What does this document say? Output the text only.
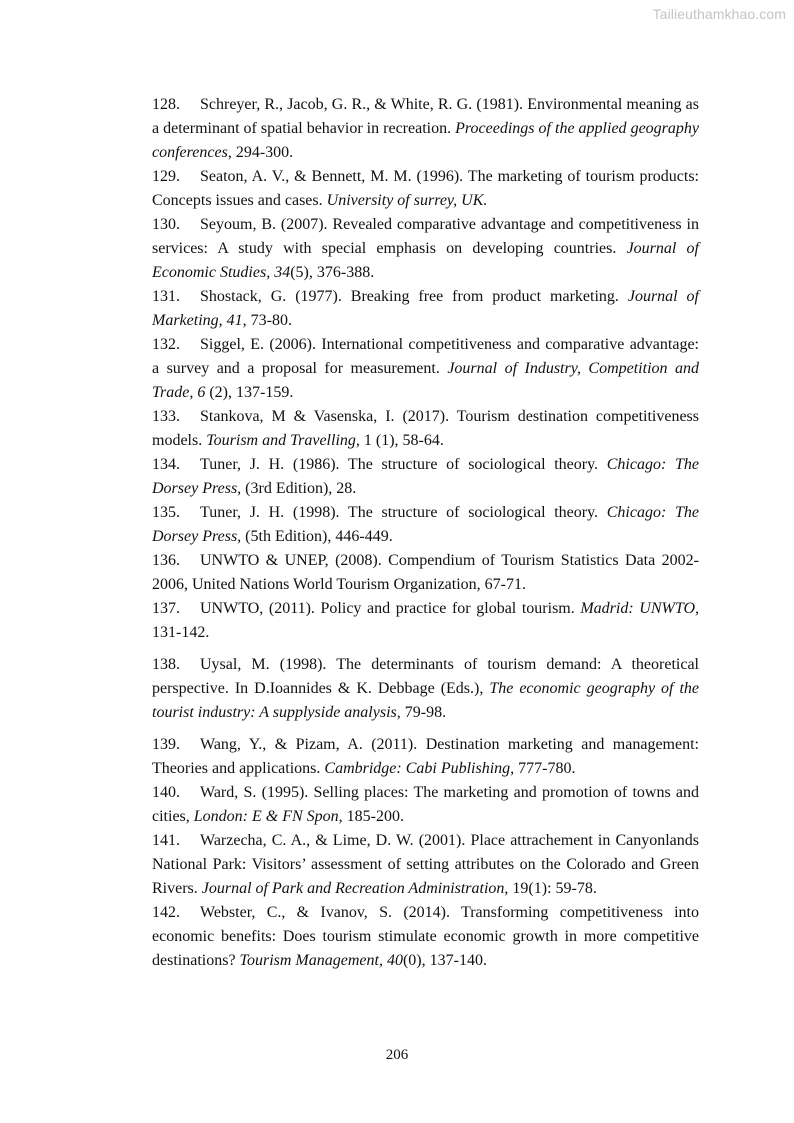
Tailieuthamkhao.com

128. Schreyer, R., Jacob, G. R., & White, R. G. (1981). Environmental meaning as a determinant of spatial behavior in recreation. Proceedings of the applied geography conferences, 294-300.

129. Seaton, A. V., & Bennett, M. M. (1996). The marketing of tourism products: Concepts issues and cases. University of surrey, UK.

130. Seyoum, B. (2007). Revealed comparative advantage and competitiveness in services: A study with special emphasis on developing countries. Journal of Economic Studies, 34(5), 376-388.

131. Shostack, G. (1977). Breaking free from product marketing. Journal of Marketing, 41, 73-80.

132. Siggel, E. (2006). International competitiveness and comparative advantage: a survey and a proposal for measurement. Journal of Industry, Competition and Trade, 6 (2), 137-159.

133. Stankova, M & Vasenska, I. (2017). Tourism destination competitiveness models. Tourism and Travelling, 1 (1), 58-64.

134. Tuner, J. H. (1986). The structure of sociological theory. Chicago: The Dorsey Press, (3rd Edition), 28.

135. Tuner, J. H. (1998). The structure of sociological theory. Chicago: The Dorsey Press, (5th Edition), 446-449.

136. UNWTO & UNEP, (2008). Compendium of Tourism Statistics Data 2002-2006, United Nations World Tourism Organization, 67-71.

137. UNWTO, (2011). Policy and practice for global tourism. Madrid: UNWTO, 131-142.

138. Uysal, M. (1998). The determinants of tourism demand: A theoretical perspective. In D.Ioannides & K. Debbage (Eds.), The economic geography of the tourist industry: A supplyside analysis, 79-98.

139. Wang, Y., & Pizam, A. (2011). Destination marketing and management: Theories and applications. Cambridge: Cabi Publishing, 777-780.

140. Ward, S. (1995). Selling places: The marketing and promotion of towns and cities, London: E & FN Spon, 185-200.

141. Warzecha, C. A., & Lime, D. W. (2001). Place attrachement in Canyonlands National Park: Visitors’ assessment of setting attributes on the Colorado and Green Rivers. Journal of Park and Recreation Administration, 19(1): 59-78.

142. Webster, C., & Ivanov, S. (2014). Transforming competitiveness into economic benefits: Does tourism stimulate economic growth in more competitive destinations? Tourism Management, 40(0), 137-140.

206
